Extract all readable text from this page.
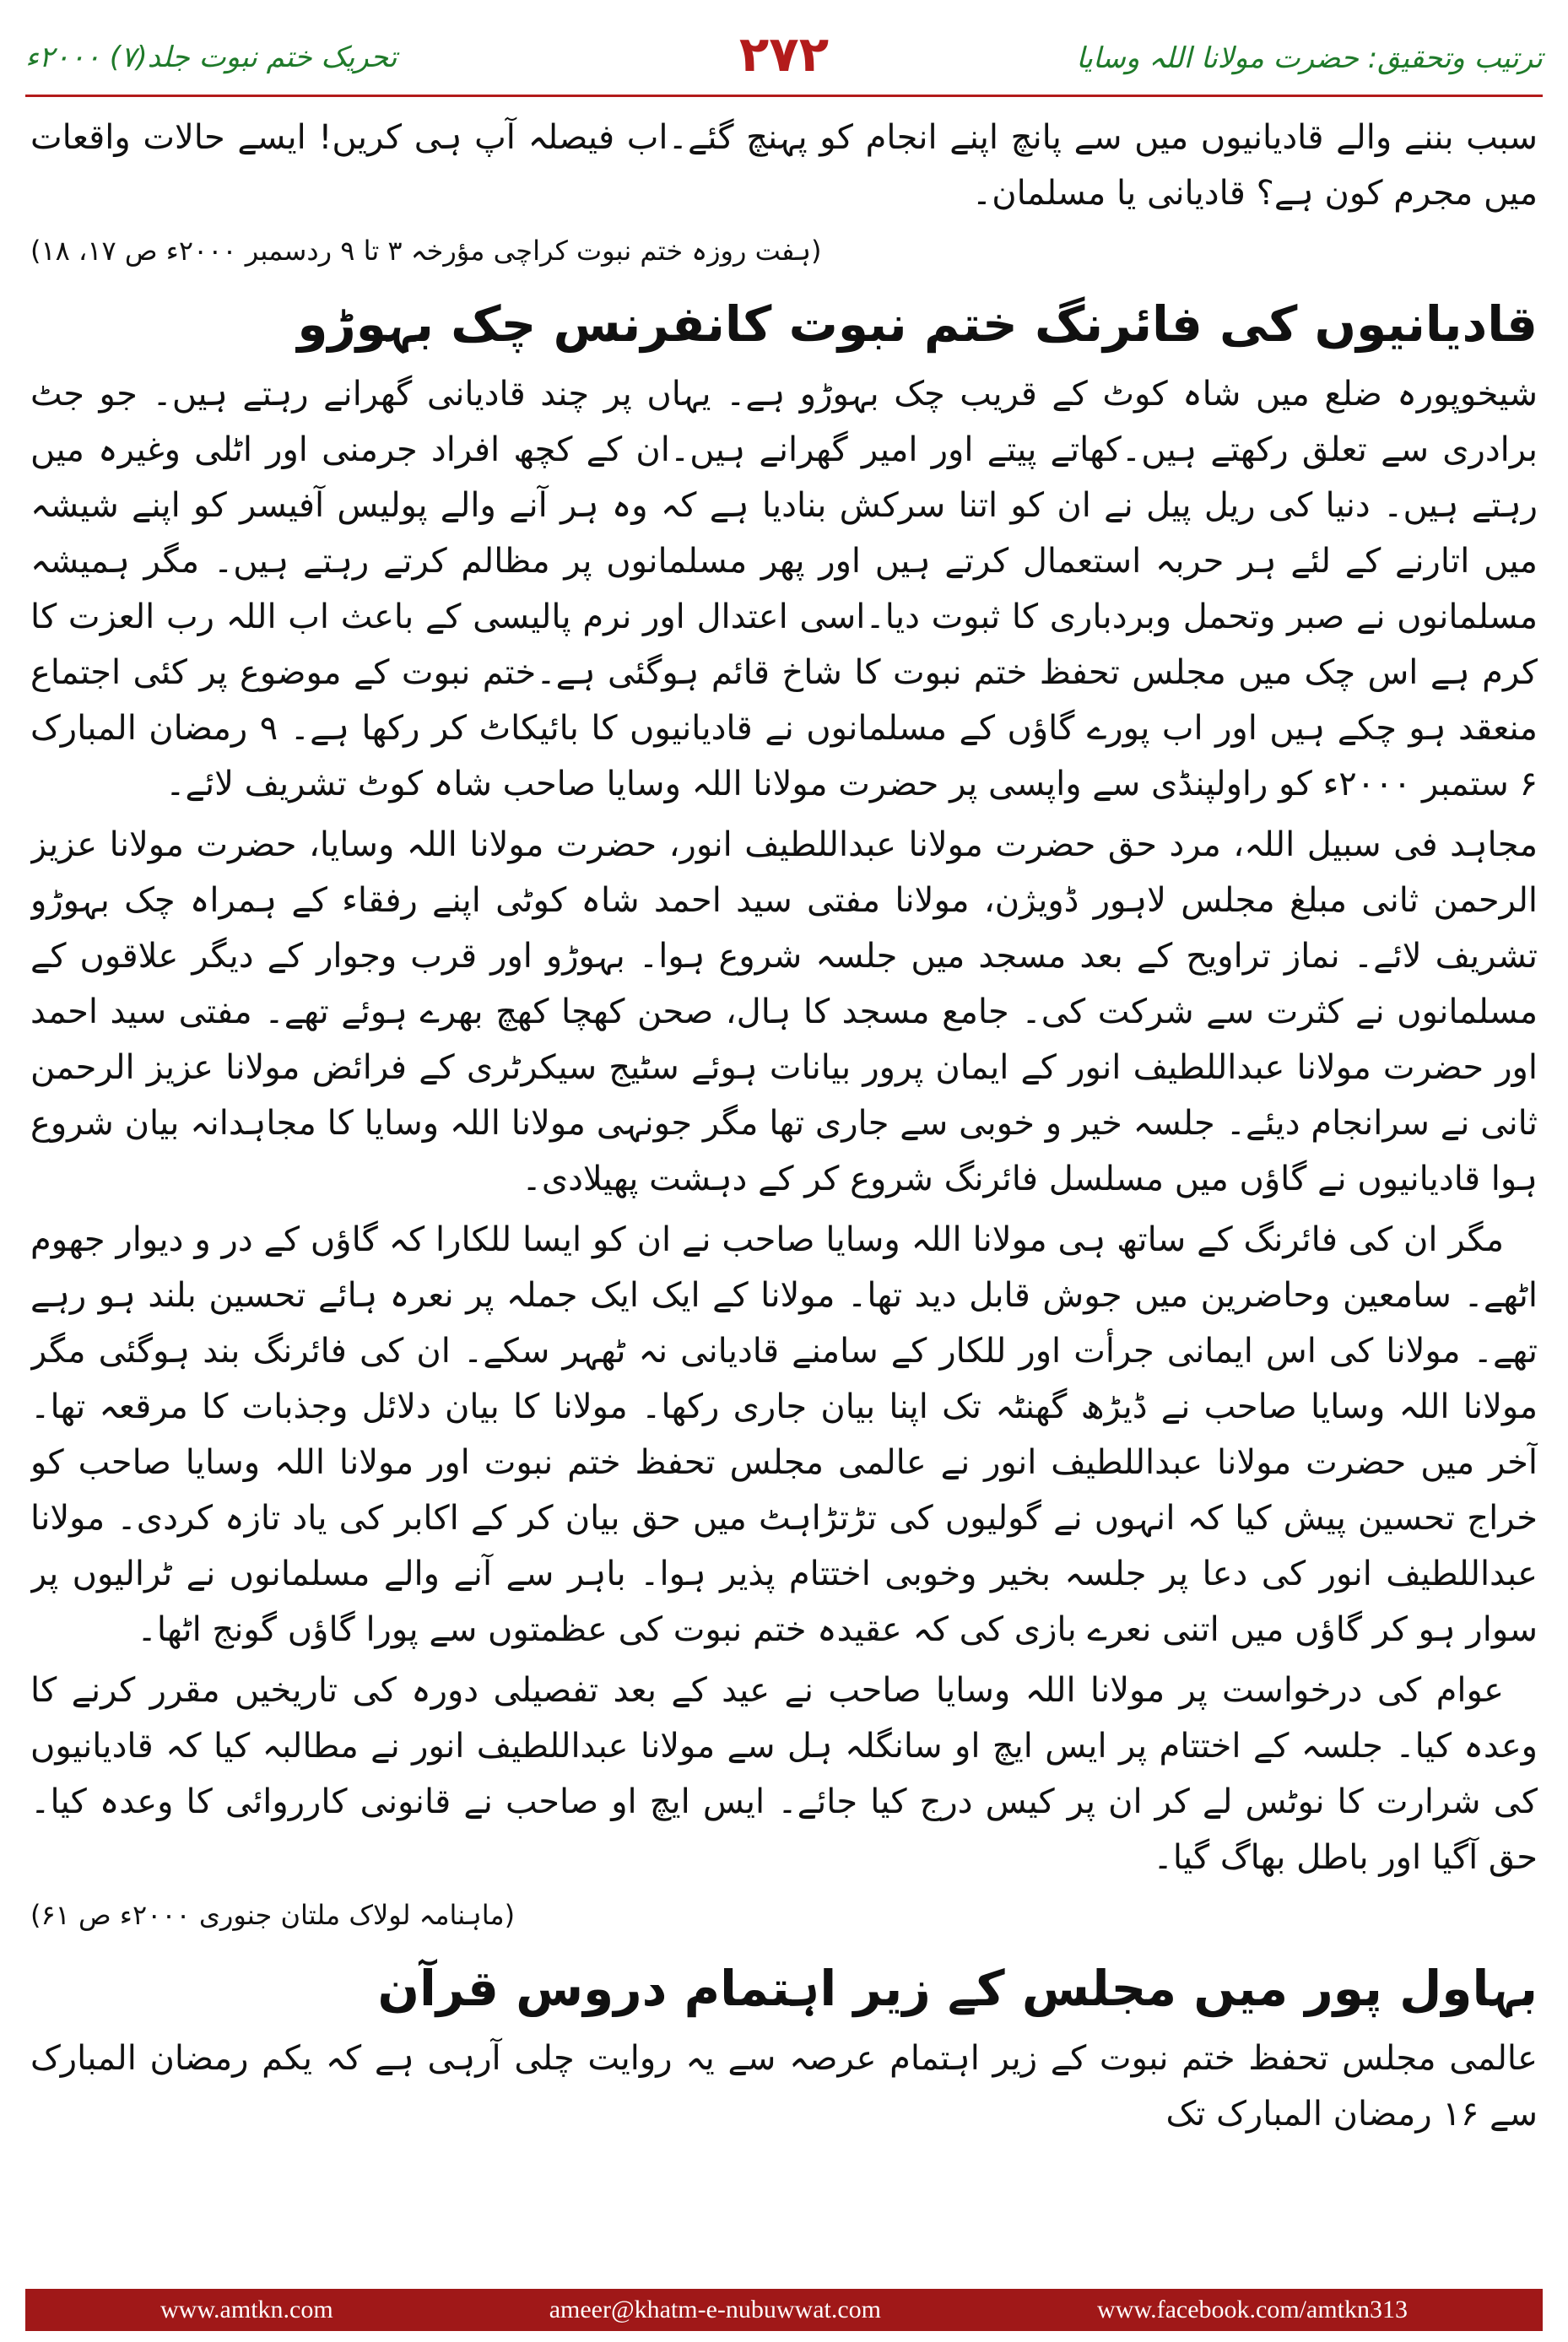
تحریک ختم نبوت جلد(۷) ۲۰۰۰ء	۲۷۲	ترتیب وتحقیق: حضرت مولانا اللہ وسایا

سبب بننے والے قادیانیوں میں سے پانچ اپنے انجام کو پہنچ گئے۔اب فیصلہ آپ ہی کریں! ایسے حالات واقعات میں مجرم کون ہے؟ قادیانی یا مسلمان۔

(ہفت روزہ ختم نبوت کراچی مؤرخہ ۳ تا ۹ ردسمبر ۲۰۰۰ء ص ۱۷، ۱۸)
قادیانیوں کی فائرنگ ختم نبوت کانفرنس چک بہوڑو

شیخوپورہ ضلع میں شاہ کوٹ کے قریب چک بہوڑو ہے۔ یہاں پر چند قادیانی گھرانے رہتے ہیں۔ جو جٹ برادری سے تعلق رکھتے ہیں۔کھاتے پیتے اور امیر گھرانے ہیں۔ان کے کچھ افراد جرمنی اور اٹلی وغیرہ میں رہتے ہیں۔ دنیا کی ریل پیل نے ان کو اتنا سرکش بنادیا ہے کہ وہ ہر آنے والے پولیس آفیسر کو اپنے شیشہ میں اتارنے کے لئے ہر حربہ استعمال کرتے ہیں اور پھر مسلمانوں پر مظالم کرتے رہتے ہیں۔ مگر ہمیشہ مسلمانوں نے صبر وتحمل وبردباری کا ثبوت دیا۔اسی اعتدال اور نرم پالیسی کے باعث اب اللہ رب العزت کا کرم ہے اس چک میں مجلس تحفظ ختم نبوت کا شاخ قائم ہوگئی ہے۔ختم نبوت کے موضوع پر کئی اجتماع منعقد ہو چکے ہیں اور اب پورے گاؤں کے مسلمانوں نے قادیانیوں کا بائیکاٹ کر رکھا ہے۔ ۹ رمضان المبارک ۶ ستمبر ۲۰۰۰ء کو راولپنڈی سے واپسی پر حضرت مولانا اللہ وسایا صاحب شاہ کوٹ تشریف لائے۔

مجاہد فی سبیل اللہ، مرد حق حضرت مولانا عبداللطیف انور، حضرت مولانا اللہ وسایا، حضرت مولانا عزیز الرحمن ثانی مبلغ مجلس لاہور ڈویژن، مولانا مفتی سید احمد شاہ کوٹی اپنے رفقاء کے ہمراہ چک بہوڑو تشریف لائے۔ نماز تراویح کے بعد مسجد میں جلسہ شروع ہوا۔ بہوڑو اور قرب وجوار کے دیگر علاقوں کے مسلمانوں نے کثرت سے شرکت کی۔ جامع مسجد کا ہال، صحن کھچا کھچ بھرے ہوئے تھے۔ مفتی سید احمد اور حضرت مولانا عبداللطیف انور کے ایمان پرور بیانات ہوئے سٹیج سیکرٹری کے فرائض مولانا عزیز الرحمن ثانی نے سرانجام دیئے۔ جلسہ خیر و خوبی سے جاری تھا مگر جونہی مولانا اللہ وسایا کا مجاہدانہ بیان شروع ہوا قادیانیوں نے گاؤں میں مسلسل فائرنگ شروع کر کے دہشت پھیلادی۔

مگر ان کی فائرنگ کے ساتھ ہی مولانا اللہ وسایا صاحب نے ان کو ایسا للکارا کہ گاؤں کے در و دیوار جھوم اٹھے۔ سامعین وحاضرین میں جوش قابل دید تھا۔ مولانا کے ایک ایک جملہ پر نعرہ ہائے تحسین بلند ہو رہے تھے۔ مولانا کی اس ایمانی جرأت اور للکار کے سامنے قادیانی نہ ٹھہر سکے۔ ان کی فائرنگ بند ہوگئی مگر مولانا اللہ وسایا صاحب نے ڈیڑھ گھنٹہ تک اپنا بیان جاری رکھا۔ مولانا کا بیان دلائل وجذبات کا مرقعہ تھا۔ آخر میں حضرت مولانا عبداللطیف انور نے عالمی مجلس تحفظ ختم نبوت اور مولانا اللہ وسایا صاحب کو خراج تحسین پیش کیا کہ انہوں نے گولیوں کی تڑتڑاہٹ میں حق بیان کر کے اکابر کی یاد تازہ کردی۔ مولانا عبداللطیف انور کی دعا پر جلسہ بخیر وخوبی اختتام پذیر ہوا۔ باہر سے آنے والے مسلمانوں نے ٹرالیوں پر سوار ہو کر گاؤں میں اتنی نعرے بازی کی کہ عقیدہ ختم نبوت کی عظمتوں سے پورا گاؤں گونج اٹھا۔

عوام کی درخواست پر مولانا اللہ وسایا صاحب نے عید کے بعد تفصیلی دورہ کی تاریخیں مقرر کرنے کا وعدہ کیا۔ جلسہ کے اختتام پر ایس ایچ او سانگلہ ہل سے مولانا عبداللطیف انور نے مطالبہ کیا کہ قادیانیوں کی شرارت کا نوٹس لے کر ان پر کیس درج کیا جائے۔ ایس ایچ او صاحب نے قانونی کارروائی کا وعدہ کیا۔ حق آگیا اور باطل بھاگ گیا۔

(ماہنامہ لولاک ملتان جنوری ۲۰۰۰ء ص ۶۱)
بہاول پور میں مجلس کے زیر اہتمام دروس قرآن

عالمی مجلس تحفظ ختم نبوت کے زیر اہتمام عرصہ سے یہ روایت چلی آرہی ہے کہ یکم رمضان المبارک سے ۱۶ رمضان المبارک تک

www.amtkn.com	ameer@khatm-e-nubuwwat.com	www.facebook.com/amtkn313
